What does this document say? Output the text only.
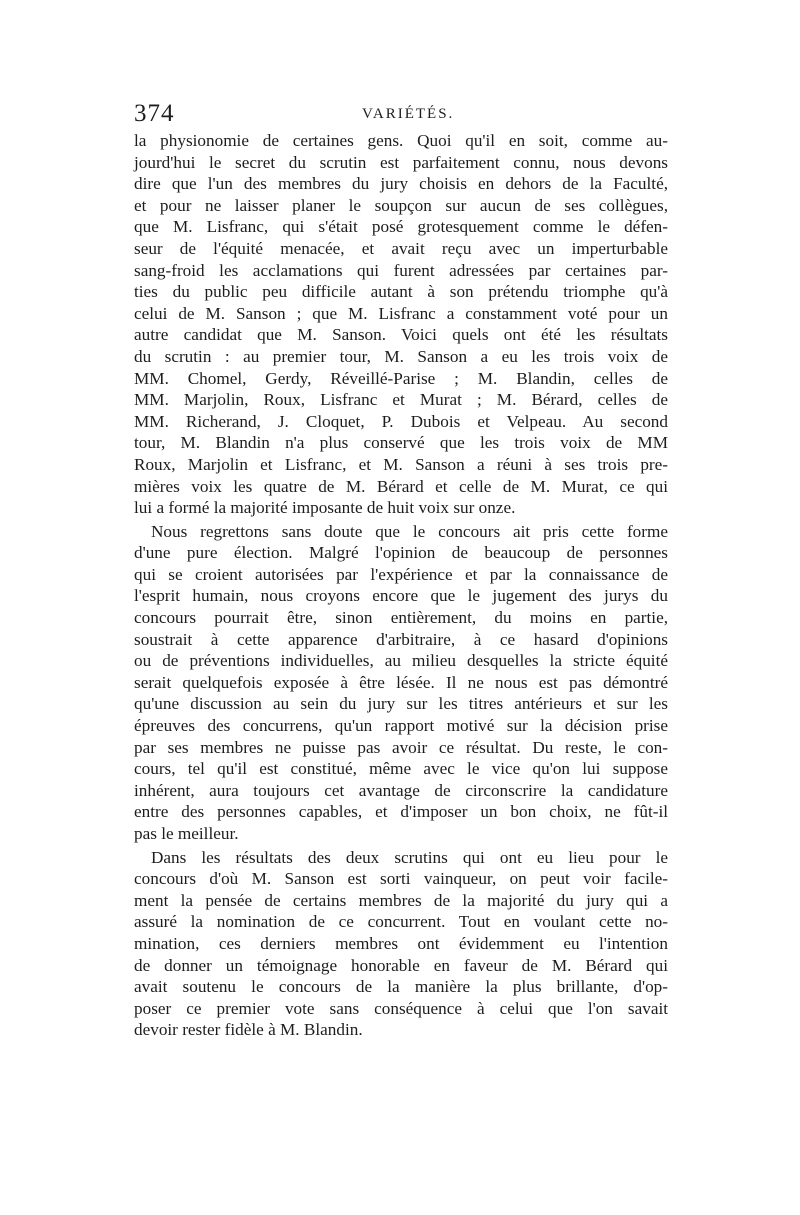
374	VARIÉTÉS.
la physionomie de certaines gens. Quoi qu'il en soit, comme au-
jourd'hui le secret du scrutin est parfaitement connu, nous devons
dire que l'un des membres du jury choisis en dehors de la Faculté,
et pour ne laisser planer le soupçon sur aucun de ses collègues,
que M. Lisfranc, qui s'était posé grotesquement comme le défen-
seur de l'équité menacée, et avait reçu avec un imperturbable
sang-froid les acclamations qui furent adressées par certaines par-
ties du public peu difficile autant à son prétendu triomphe qu'à
celui de M. Sanson ; que M. Lisfranc a constamment voté pour un
autre candidat que M. Sanson. Voici quels ont été les résultats
du scrutin : au premier tour, M. Sanson a eu les trois voix de
MM. Chomel, Gerdy, Réveillé-Parise ; M. Blandin, celles de
MM. Marjolin, Roux, Lisfranc et Murat ; M. Bérard, celles de
MM. Richerand, J. Cloquet, P. Dubois et Velpeau. Au second
tour, M. Blandin n'a plus conservé que les trois voix de MM
Roux, Marjolin et Lisfranc, et M. Sanson a réuni à ses trois pre-
mières voix les quatre de M. Bérard et celle de M. Murat, ce qui
lui a formé la majorité imposante de huit voix sur onze.
Nous regrettons sans doute que le concours ait pris cette forme
d'une pure élection. Malgré l'opinion de beaucoup de personnes
qui se croient autorisées par l'expérience et par la connaissance de
l'esprit humain, nous croyons encore que le jugement des jurys du
concours pourrait être, sinon entièrement, du moins en partie,
soustrait à cette apparence d'arbitraire, à ce hasard d'opinions
ou de préventions individuelles, au milieu desquelles la stricte équité
serait quelquefois exposée à être lésée. Il ne nous est pas démontré
qu'une discussion au sein du jury sur les titres antérieurs et sur les
épreuves des concurrens, qu'un rapport motivé sur la décision prise
par ses membres ne puisse pas avoir ce résultat. Du reste, le con-
cours, tel qu'il est constitué, même avec le vice qu'on lui suppose
inhérent, aura toujours cet avantage de circonscrire la candidature
entre des personnes capables, et d'imposer un bon choix, ne fût-il
pas le meilleur.
Dans les résultats des deux scrutins qui ont eu lieu pour le
concours d'où M. Sanson est sorti vainqueur, on peut voir facile-
ment la pensée de certains membres de la majorité du jury qui a
assuré la nomination de ce concurrent. Tout en voulant cette no-
mination, ces derniers membres ont évidemment eu l'intention
de donner un témoignage honorable en faveur de M. Bérard qui
avait soutenu le concours de la manière la plus brillante, d'op-
poser ce premier vote sans conséquence à celui que l'on savait
devoir rester fidèle à M. Blandin.
